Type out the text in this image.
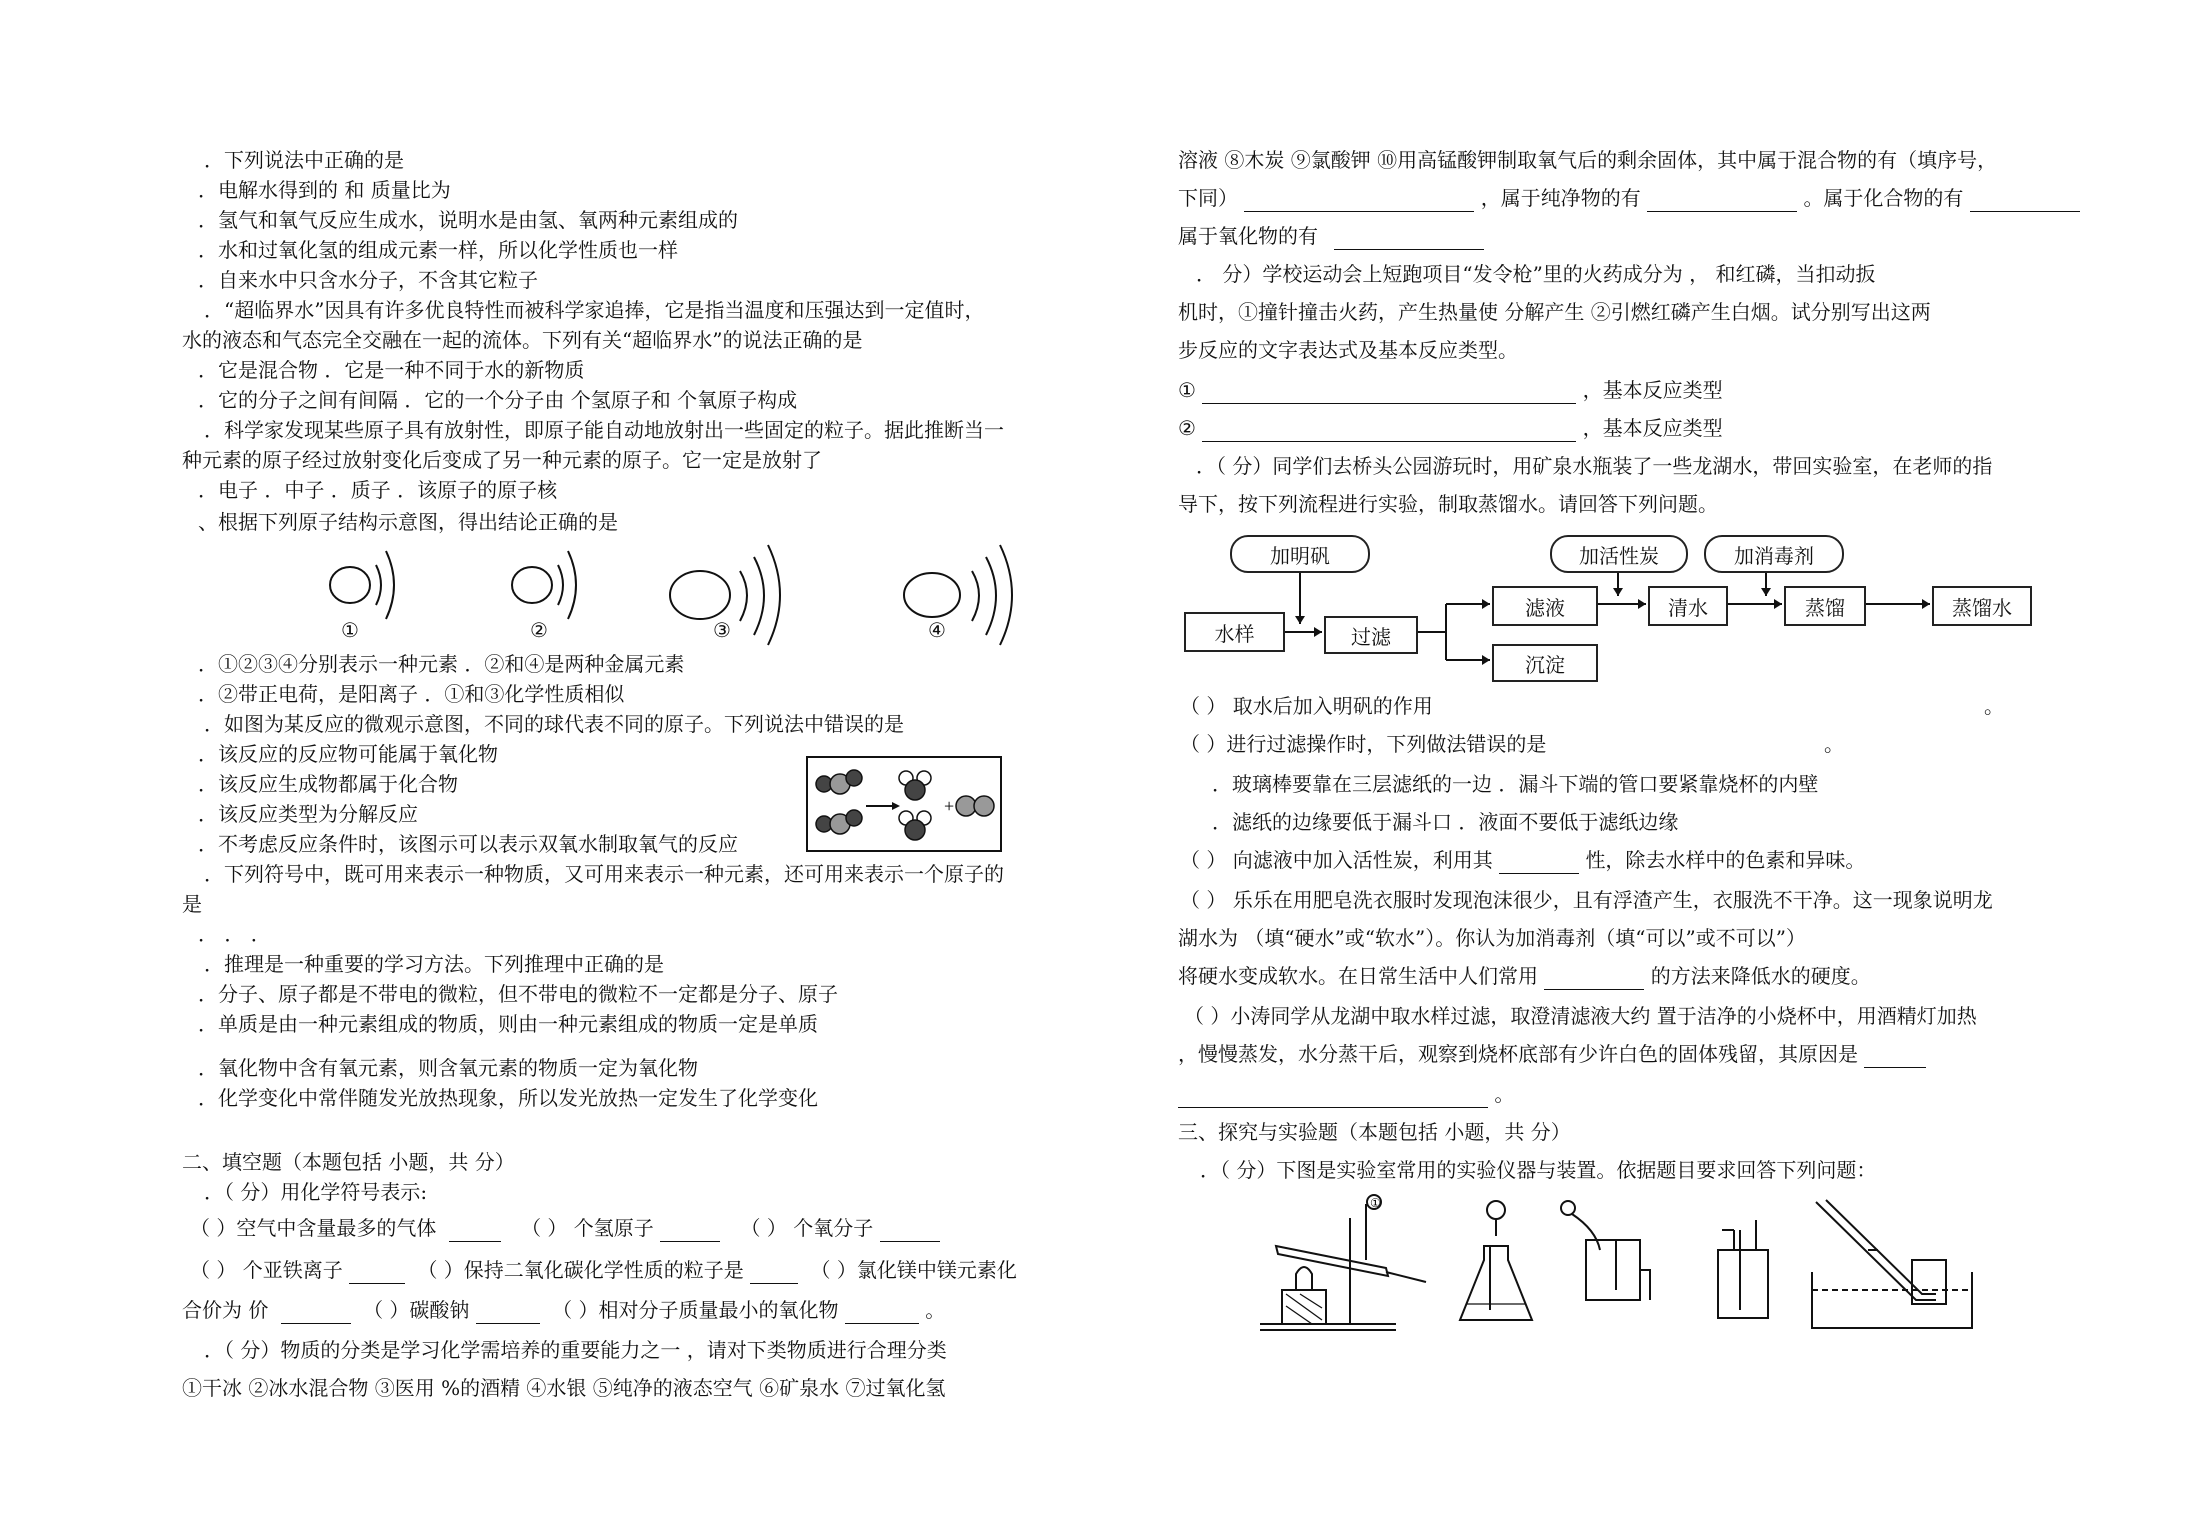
．下列说法中正确的是
．电解水得到的 和 质量比为
．氢气和氧气反应生成水，说明水是由氢、氧两种元素组成的
．水和过氧化氢的组成元素一样，所以化学性质也一样
．自来水中只含水分子，不含其它粒子
．“超临界水”因具有许多优良特性而被科学家追捧，它是指当温度和压强达到一定值时，
水的液态和气态完全交融在一起的流体。下列有关“超临界水”的说法正确的是
．它是混合物 ．它是一种不同于水的新物质
．它的分子之间有间隔 ．它的一个分子由 个氢原子和 个氧原子构成
．科学家发现某些原子具有放射性，即原子能自动地放射出一些固定的粒子。据此推断当一
种元素的原子经过放射变化后变成了另一种元素的原子。它一定是放射了
．电子 ．中子 ．质子 ．该原子的原子核
、根据下列原子结构示意图，得出结论正确的是
①	②	③	④
．①②③④分别表示一种元素 ．②和④是两种金属元素
．②带正电荷，是阳离子 ．①和③化学性质相似
．如图为某反应的微观示意图，不同的球代表不同的原子。下列说法中错误的是
．该反应的反应物可能属于氧化物
．该反应生成物都属于化合物
．该反应类型为分解反应
．不考虑反应条件时，该图示可以表示双氧水制取氧气的反应
+
．下列符号中，既可用来表示一种物质，又可用来表示一种元素，还可用来表示一个原子的
是
． ． ．
．推理是一种重要的学习方法。下列推理中正确的是
．分子、原子都是不带电的微粒，但不带电的微粒不一定都是分子、原子
．单质是由一种元素组成的物质，则由一种元素组成的物质一定是单质
．氧化物中含有氧元素，则含氧元素的物质一定为氧化物
．化学变化中常伴随发光放热现象，所以发光放热一定发生了化学变化
二、填空题（本题包括 小题，共 分）
．（ 分）用化学符号表示:
（ ）空气中含量最多的气体	（ ） 个氢原子	（ ） 个氧分子
（ ） 个亚铁离子	（ ）保持二氧化碳化学性质的粒子是	（ ）氯化镁中镁元素化
合价为 价	（ ）碳酸钠	（ ）相对分子质量最小的氧化物	。
．（ 分）物质的分类是学习化学需培养的重要能力之一 ，请对下类物质进行合理分类
①干冰 ②冰水混合物 ③医用 %的酒精 ④水银 ⑤纯净的液态空气 ⑥矿泉水 ⑦过氧化氢
溶液 ⑧木炭 ⑨氯酸钾 ⑩用高锰酸钾制取氧气后的剩余固体，其中属于混合物的有（填序号，
下同）	，属于纯净物的有	。属于化合物的有
属于氧化物的有
． 分）学校运动会上短跑项目“发令枪”里的火药成分为 ， 和红磷，当扣动扳
机时，①撞针撞击火药，产生热量使 分解产生 ②引燃红磷产生白烟。试分别写出这两
步反应的文字表达式及基本反应类型。
①	，基本反应类型
②	，基本反应类型
．（ 分）同学们去桥头公园游玩时，用矿泉水瓶装了一些龙湖水，带回实验室，在老师的指
导下，按下列流程进行实验，制取蒸馏水。请回答下列问题。
水样
加明矾
过滤
滤液
沉淀
加活性炭
清水
加消毒剂
蒸馏	蒸馏水
（ ） 取水后加入明矾的作用	。
（ ）进行过滤操作时，下列做法错误的是	。
．玻璃棒要靠在三层滤纸的一边 ．漏斗下端的管口要紧靠烧杯的内壁
．滤纸的边缘要低于漏斗口 ．液面不要低于滤纸边缘
（ ） 向滤液中加入活性炭，利用其	性，除去水样中的色素和异味。
（ ） 乐乐在用肥皂洗衣服时发现泡沫很少，且有浮渣产生，衣服洗不干净。这一现象说明龙
湖水为 （填“硬水”或“软水”）。你认为加消毒剂（填“可以”或不可以”）
将硬水变成软水。在日常生活中人们常用	的方法来降低水的硬度。
（ ）小涛同学从龙湖中取水样过滤，取澄清滤液大约 置于洁净的小烧杯中，用酒精灯加热
，慢慢蒸发，水分蒸干后，观察到烧杯底部有少许白色的固体残留，其原因是
。
三、探究与实验题（本题包括 小题，共 分）
．（ 分）下图是实验室常用的实验仪器与装置。依据题目要求回答下列问题：
①
